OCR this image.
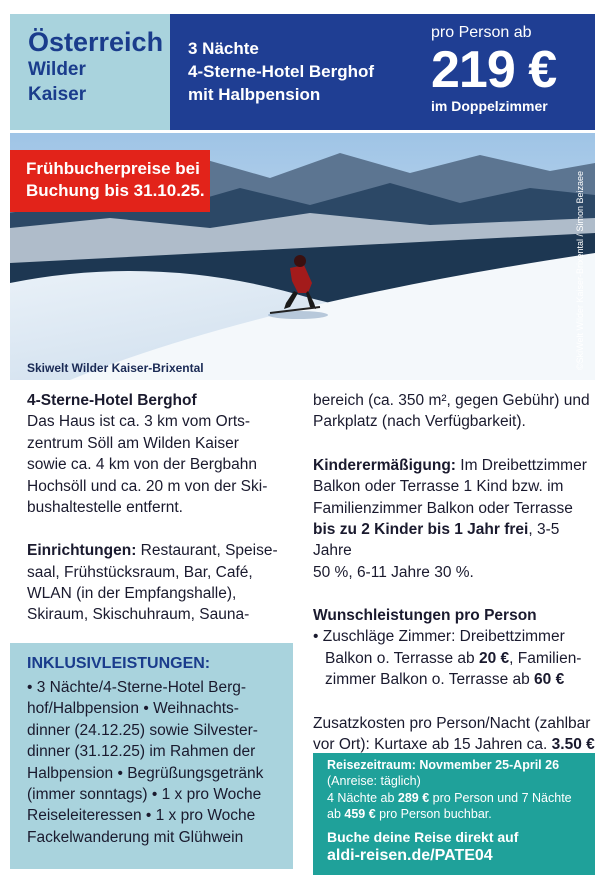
Österreich
Wilder
Kaiser
3 Nächte
4-Sterne-Hotel Berghof
mit Halbpension
pro Person ab
219 €
im Doppelzimmer
Frühbucherpreise bei
Buchung bis 31.10.25.
Skiwelt Wilder Kaiser-Brixental	©SkiWelt Wilder Kaiser-Brixental / Simon Beizaee
4-Sterne-Hotel Berghof
Das Haus ist ca. 3 km vom Orts-
zentrum Söll am Wilden Kaiser
sowie ca. 4 km von der Bergbahn
Hochsöll und ca. 20 m von der Ski-
bushaltestelle entfernt.
Einrichtungen: Restaurant, Speise-
saal, Frühstücksraum, Bar, Café,
WLAN (in der Empfangshalle),
Skiraum, Skischuhraum, Sauna-
INKLUSIVLEISTUNGEN:
• 3 Nächte/4-Sterne-Hotel Berg-
hof/Halbpension • Weihnachts-
dinner (24.12.25) sowie Silvester-
dinner (31.12.25) im Rahmen der
Halbpension • Begrüßungsgetränk
(immer sonntags) • 1 x pro Woche
Reiseleiteressen • 1 x pro Woche
Fackelwanderung mit Glühwein
bereich (ca. 350 m², gegen Gebühr) und
Parkplatz (nach Verfügbarkeit).
Kinderermäßigung: Im Dreibettzimmer
Balkon oder Terrasse 1 Kind bzw. im
Familienzimmer Balkon oder Terrasse
bis zu 2 Kinder bis 1 Jahr frei, 3-5 Jahre
50 %, 6-11 Jahre 30 %.
Wunschleistungen pro Person
• Zuschläge Zimmer: Dreibettzimmer
Balkon o. Terrasse ab 20 €, Familien-
zimmer Balkon o. Terrasse ab 60 €
Zusatzkosten pro Person/Nacht (zahlbar
vor Ort): Kurtaxe ab 15 Jahren ca. 3.50 €
Reisezeitraum: Novmember 25-April 26
(Anreise: täglich)
4 Nächte ab 289 € pro Person und 7 Nächte
ab 459 € pro Person buchbar.
Buche deine Reise direkt auf
aldi-reisen.de/PATE04
